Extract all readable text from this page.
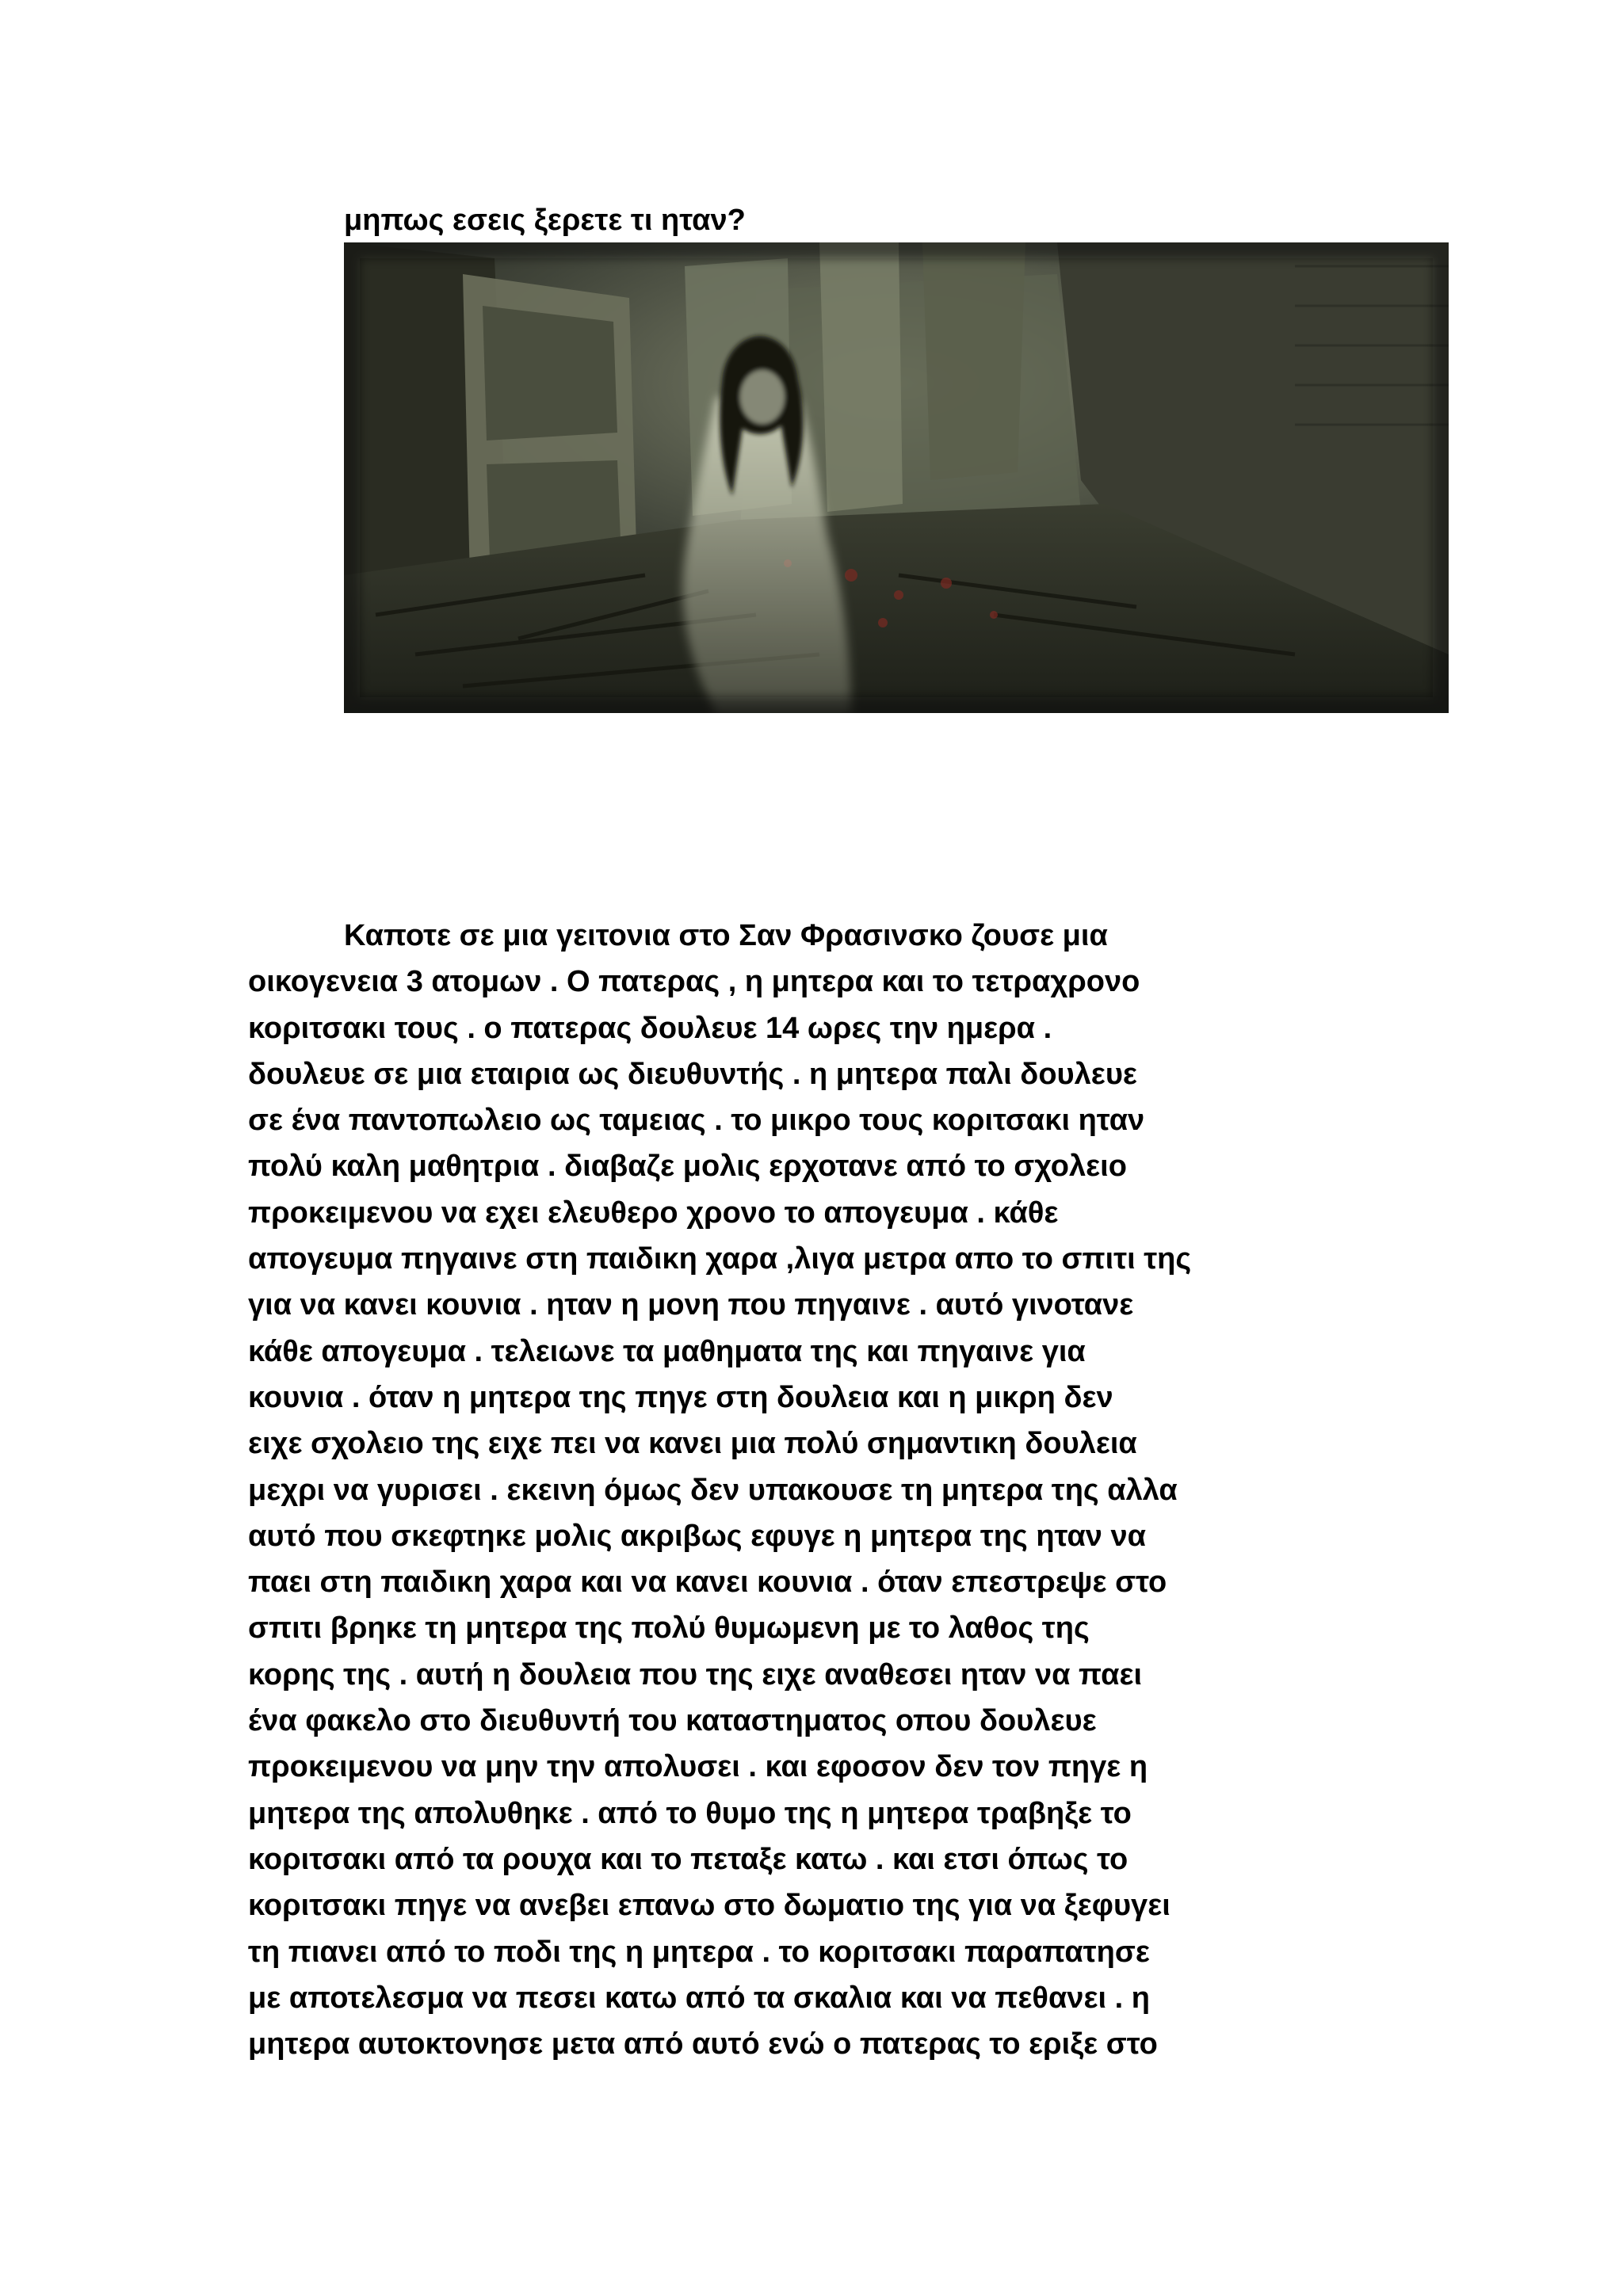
μηπως εσεις ξερετε τι ηταν?
Καποτε σε μια γειτονια στο Σαν Φρασινσκο ζουσε μια
οικογενεια 3 ατομων . Ο πατερας , η μητερα και το τετραχρονο
κοριτσακι τους . ο πατερας δουλευε 14 ωρες την ημερα .
δουλευε σε μια εταιρια ως διευθυντής . η μητερα παλι δουλευε
σε ένα παντοπωλειο ως ταμειας . το μικρο τους κοριτσακι ηταν
πολύ καλη μαθητρια . διαβαζε μολις ερχοτανε από το σχολειο
προκειμενου να εχει ελευθερο χρονο το απογευμα . κάθε
απογευμα πηγαινε στη παιδικη χαρα ,λιγα μετρα απο το σπιτι της
για να κανει κουνια . ηταν η μονη που πηγαινε . αυτό γινοτανε
κάθε απογευμα . τελειωνε τα μαθηματα της και πηγαινε για
κουνια . όταν η μητερα της πηγε στη δουλεια και η μικρη δεν
ειχε σχολειο της ειχε πει να κανει μια πολύ σημαντικη δουλεια
μεχρι να γυρισει . εκεινη όμως δεν υπακουσε τη μητερα της αλλα
αυτό που σκεφτηκε μολις ακριβως εφυγε η μητερα της ηταν να
παει στη παιδικη χαρα και να κανει κουνια . όταν επεστρεψε στο
σπιτι βρηκε τη μητερα της πολύ θυμωμενη με το λαθος της
κορης της . αυτή η δουλεια που της ειχε αναθεσει ηταν να παει
ένα φακελο στο διευθυντή του καταστηματος οπου δουλευε
προκειμενου να μην την απολυσει . και εφοσον δεν τον πηγε η
μητερα της απολυθηκε . από το θυμο της η μητερα τραβηξε το
κοριτσακι από τα ρουχα και το πεταξε κατω . και ετσι όπως το
κοριτσακι πηγε να ανεβει επανω στο δωματιο της για να ξεφυγει
τη πιανει από το ποδι της η μητερα . το κοριτσακι παραπατησε
με αποτελεσμα να πεσει κατω από τα σκαλια και να πεθανει . η
μητερα αυτοκτονησε μετα από αυτό ενώ ο πατερας το εριξε στο
